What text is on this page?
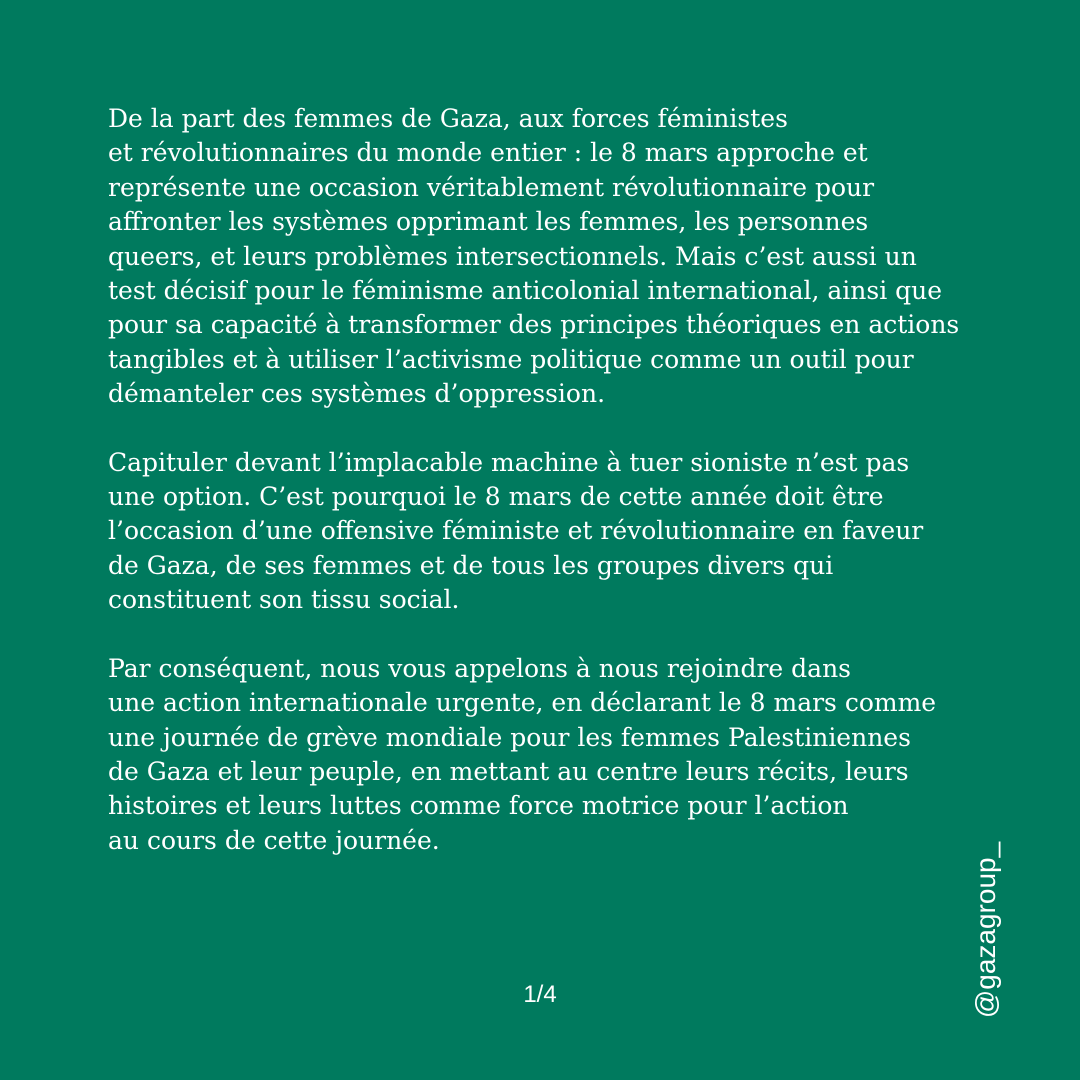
De la part des femmes de Gaza, aux forces féministes
et révolutionnaires du monde entier : le 8 mars approche et
représente une occasion véritablement révolutionnaire pour
affronter les systèmes opprimant les femmes, les personnes
queers, et leurs problèmes intersectionnels. Mais c’est aussi un
test décisif pour le féminisme anticolonial international, ainsi que
pour sa capacité à transformer des principes théoriques en actions
tangibles et à utiliser l’activisme politique comme un outil pour
démanteler ces systèmes d’oppression.

Capituler devant l’implacable machine à tuer sioniste n’est pas
une option. C’est pourquoi le 8 mars de cette année doit être
l’occasion d’une offensive féministe et révolutionnaire en faveur
de Gaza, de ses femmes et de tous les groupes divers qui
constituent son tissu social.

Par conséquent, nous vous appelons à nous rejoindre dans
une action internationale urgente, en déclarant le 8 mars comme
une journée de grève mondiale pour les femmes Palestiniennes
de Gaza et leur peuple, en mettant au centre leurs récits, leurs
histoires et leurs luttes comme force motrice pour l’action
au cours de cette journée.

1/4	@gazagroup_
